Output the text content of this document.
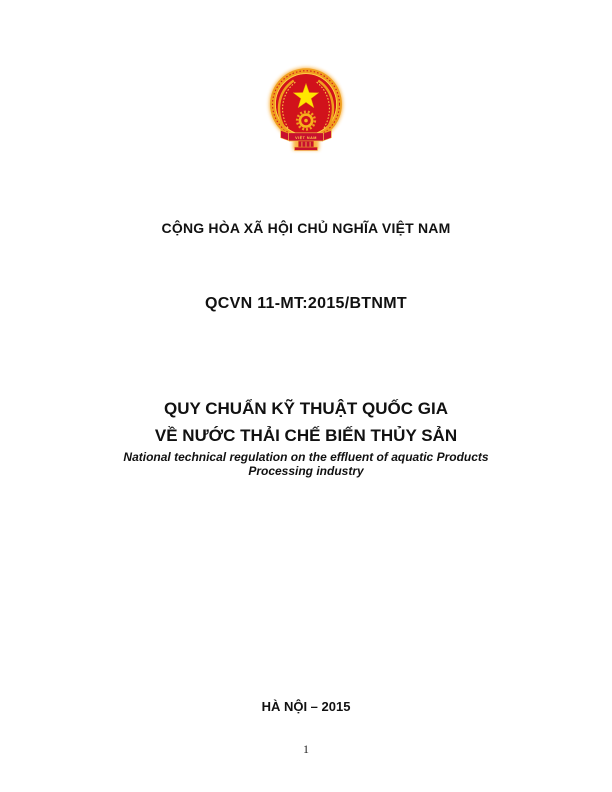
VIỆT NAM
CỘNG HÒA XÃ HỘI CHỦ NGHĨA VIỆT NAM
QCVN 11-MT:2015/BTNMT
QUY CHUẨN KỸ THUẬT QUỐC GIA
VỀ NƯỚC THẢI CHẾ BIẾN THỦY SẢN
National technical regulation on the effluent of aquatic Products
Processing industry
HÀ NỘI – 2015
1
